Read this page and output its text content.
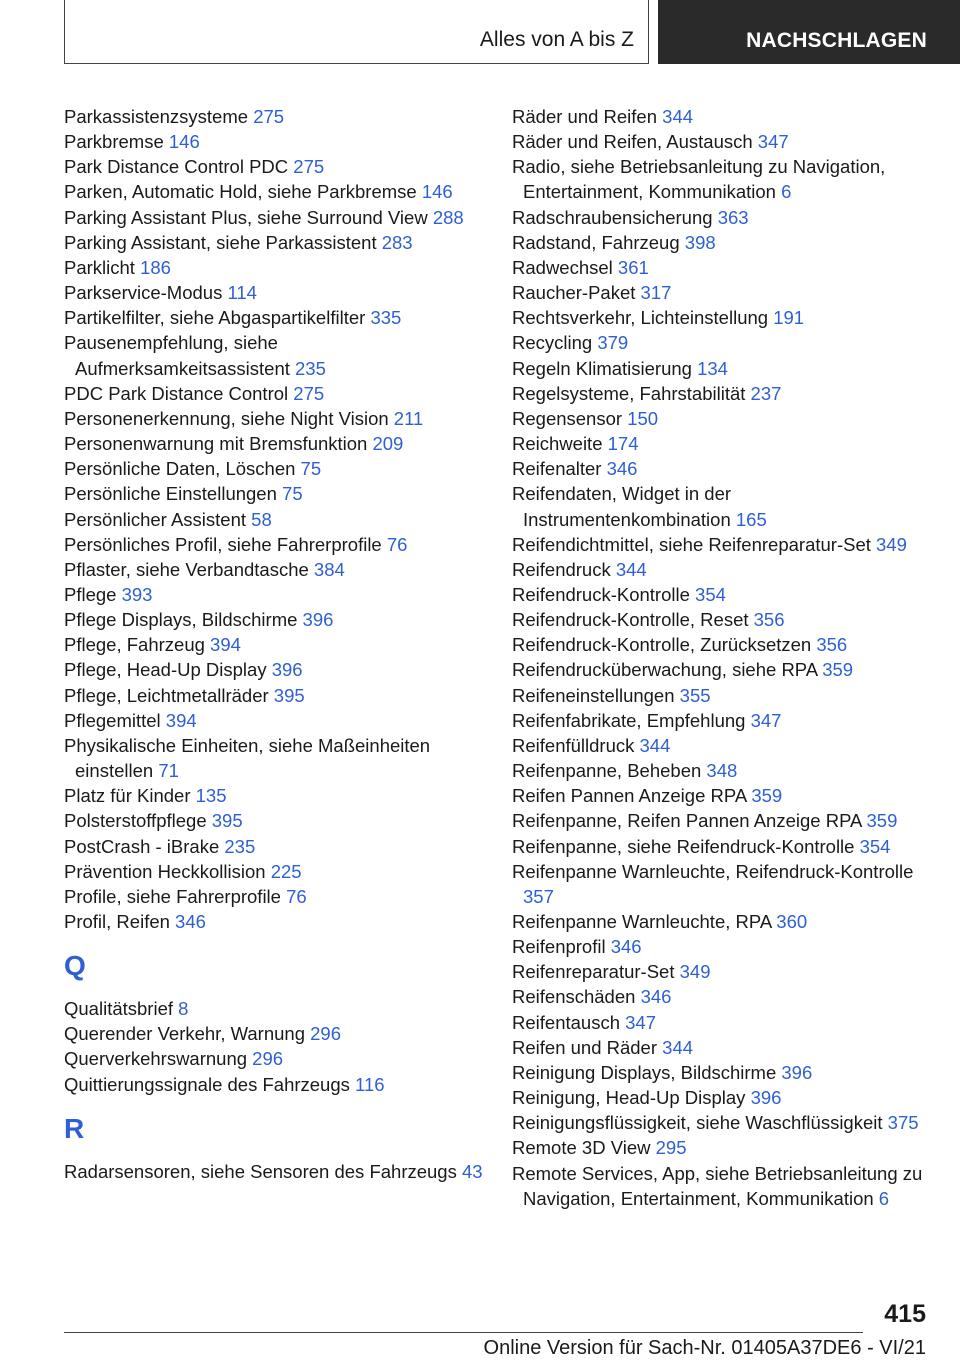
Alles von A bis Z	NACHSCHLAGEN
Parkassistenzsysteme 275
Parkbremse 146
Park Distance Control PDC 275
Parken, Automatic Hold, siehe Parkbremse 146
Parking Assistant Plus, siehe Surround View 288
Parking Assistant, siehe Parkassistent 283
Parklicht 186
Parkservice-Modus 114
Partikelfilter, siehe Abgaspartikelfilter 335
Pausenempfehlung, siehe Aufmerksamkeitsassistent 235
PDC Park Distance Control 275
Personenerkennung, siehe Night Vision 211
Personenwarnung mit Bremsfunktion 209
Persönliche Daten, Löschen 75
Persönliche Einstellungen 75
Persönlicher Assistent 58
Persönliches Profil, siehe Fahrerprofile 76
Pflaster, siehe Verbandtasche 384
Pflege 393
Pflege Displays, Bildschirme 396
Pflege, Fahrzeug 394
Pflege, Head-Up Display 396
Pflege, Leichtmetallräder 395
Pflegemittel 394
Physikalische Einheiten, siehe Maßeinheiten einstellen 71
Platz für Kinder 135
Polsterstoffpflege 395
PostCrash - iBrake 235
Prävention Heckkollision 225
Profile, siehe Fahrerprofile 76
Profil, Reifen 346
Q
Qualitätsbrief 8
Querender Verkehr, Warnung 296
Querverkehrswarnung 296
Quittierungssignale des Fahrzeugs 116
R
Radarsensoren, siehe Sensoren des Fahrzeugs 43
Räder und Reifen 344
Räder und Reifen, Austausch 347
Radio, siehe Betriebsanleitung zu Navigation, Entertainment, Kommunikation 6
Radschraubensicherung 363
Radstand, Fahrzeug 398
Radwechsel 361
Raucher-Paket 317
Rechtsverkehr, Lichteinstellung 191
Recycling 379
Regeln Klimatisierung 134
Regelsysteme, Fahrstabilität 237
Regensensor 150
Reichweite 174
Reifenalter 346
Reifendaten, Widget in der Instrumentenkombination 165
Reifendichtmittel, siehe Reifenreparatur-Set 349
Reifendruck 344
Reifendruck-Kontrolle 354
Reifendruck-Kontrolle, Reset 356
Reifendruck-Kontrolle, Zurücksetzen 356
Reifendrucküberwachung, siehe RPA 359
Reifeneinstellungen 355
Reifenfabrikate, Empfehlung 347
Reifenfülldruck 344
Reifenpanne, Beheben 348
Reifen Pannen Anzeige RPA 359
Reifenpanne, Reifen Pannen Anzeige RPA 359
Reifenpanne, siehe Reifendruck-Kontrolle 354
Reifenpanne Warnleuchte, Reifendruck-Kontrolle 357
Reifenpanne Warnleuchte, RPA 360
Reifenprofil 346
Reifenreparatur-Set 349
Reifenschäden 346
Reifentausch 347
Reifen und Räder 344
Reinigung Displays, Bildschirme 396
Reinigung, Head-Up Display 396
Reinigungsflüssigkeit, siehe Waschflüssigkeit 375
Remote 3D View 295
Remote Services, App, siehe Betriebsanleitung zu Navigation, Entertainment, Kommunikation 6
415
Online Version für Sach-Nr. 01405A37DE6 - VI/21
